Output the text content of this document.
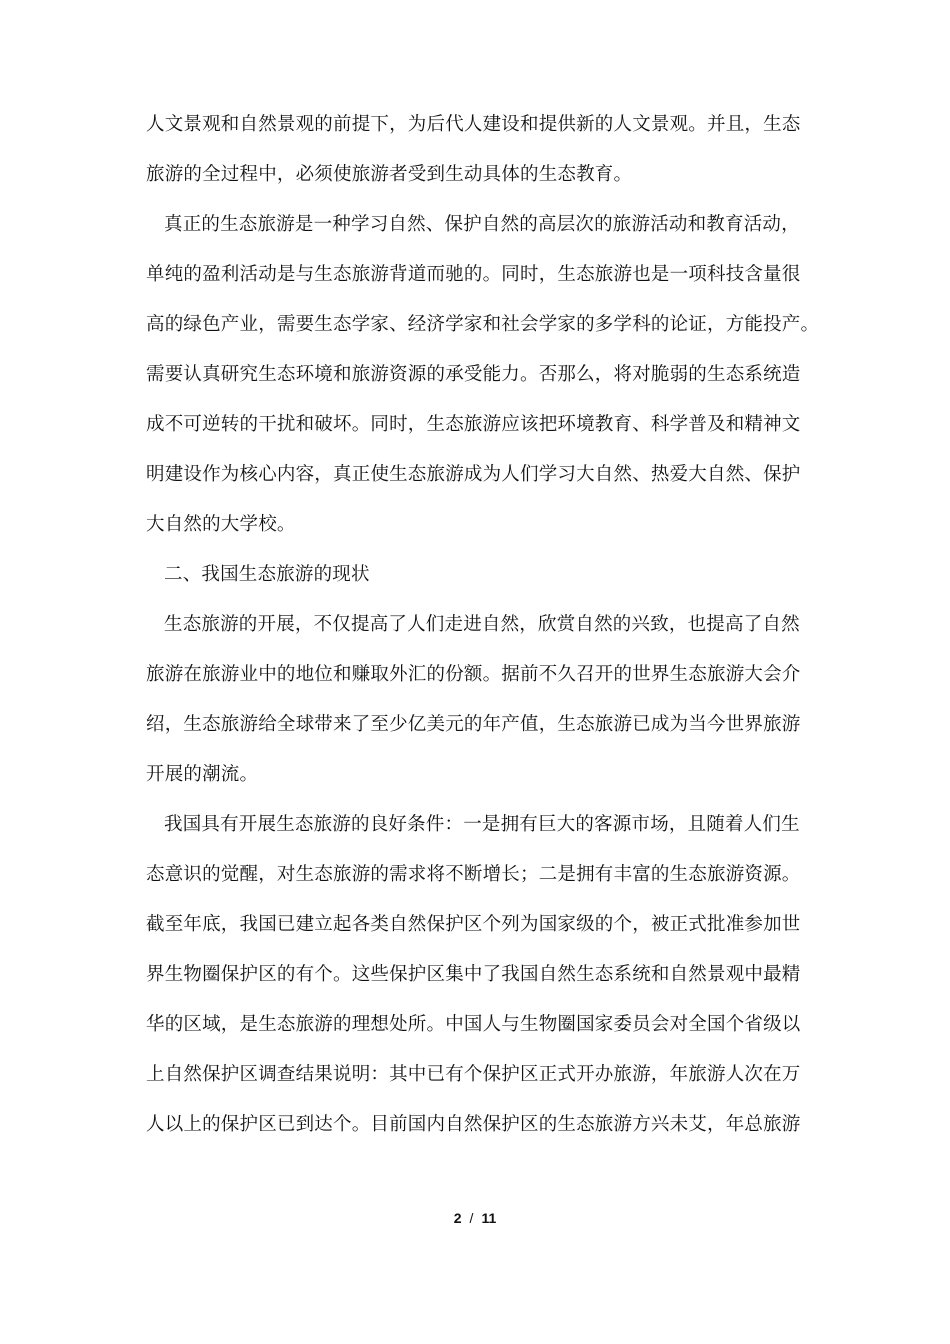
人文景观和自然景观的前提下，为后代人建设和提供新的人文景观。并且，生态
旅游的全过程中，必须使旅游者受到生动具体的生态教育。
真正的生态旅游是一种学习自然、保护自然的高层次的旅游活动和教育活动，
单纯的盈利活动是与生态旅游背道而驰的。同时，生态旅游也是一项科技含量很
高的绿色产业，需要生态学家、经济学家和社会学家的多学科的论证，方能投产。
需要认真研究生态环境和旅游资源的承受能力。否那么，将对脆弱的生态系统造
成不可逆转的干扰和破坏。同时，生态旅游应该把环境教育、科学普及和精神文
明建设作为核心内容，真正使生态旅游成为人们学习大自然、热爱大自然、保护
大自然的大学校。
二、我国生态旅游的现状
生态旅游的开展，不仅提高了人们走进自然，欣赏自然的兴致，也提高了自然
旅游在旅游业中的地位和赚取外汇的份额。据前不久召开的世界生态旅游大会介
绍，生态旅游给全球带来了至少亿美元的年产值，生态旅游已成为当今世界旅游
开展的潮流。
我国具有开展生态旅游的良好条件：一是拥有巨大的客源市场，且随着人们生
态意识的觉醒，对生态旅游的需求将不断增长；二是拥有丰富的生态旅游资源。
截至年底，我国已建立起各类自然保护区个列为国家级的个，被正式批准参加世
界生物圈保护区的有个。这些保护区集中了我国自然生态系统和自然景观中最精
华的区域，是生态旅游的理想处所。中国人与生物圈国家委员会对全国个省级以
上自然保护区调查结果说明：其中已有个保护区正式开办旅游，年旅游人次在万
人以上的保护区已到达个。目前国内自然保护区的生态旅游方兴未艾，年总旅游
2 / 11
